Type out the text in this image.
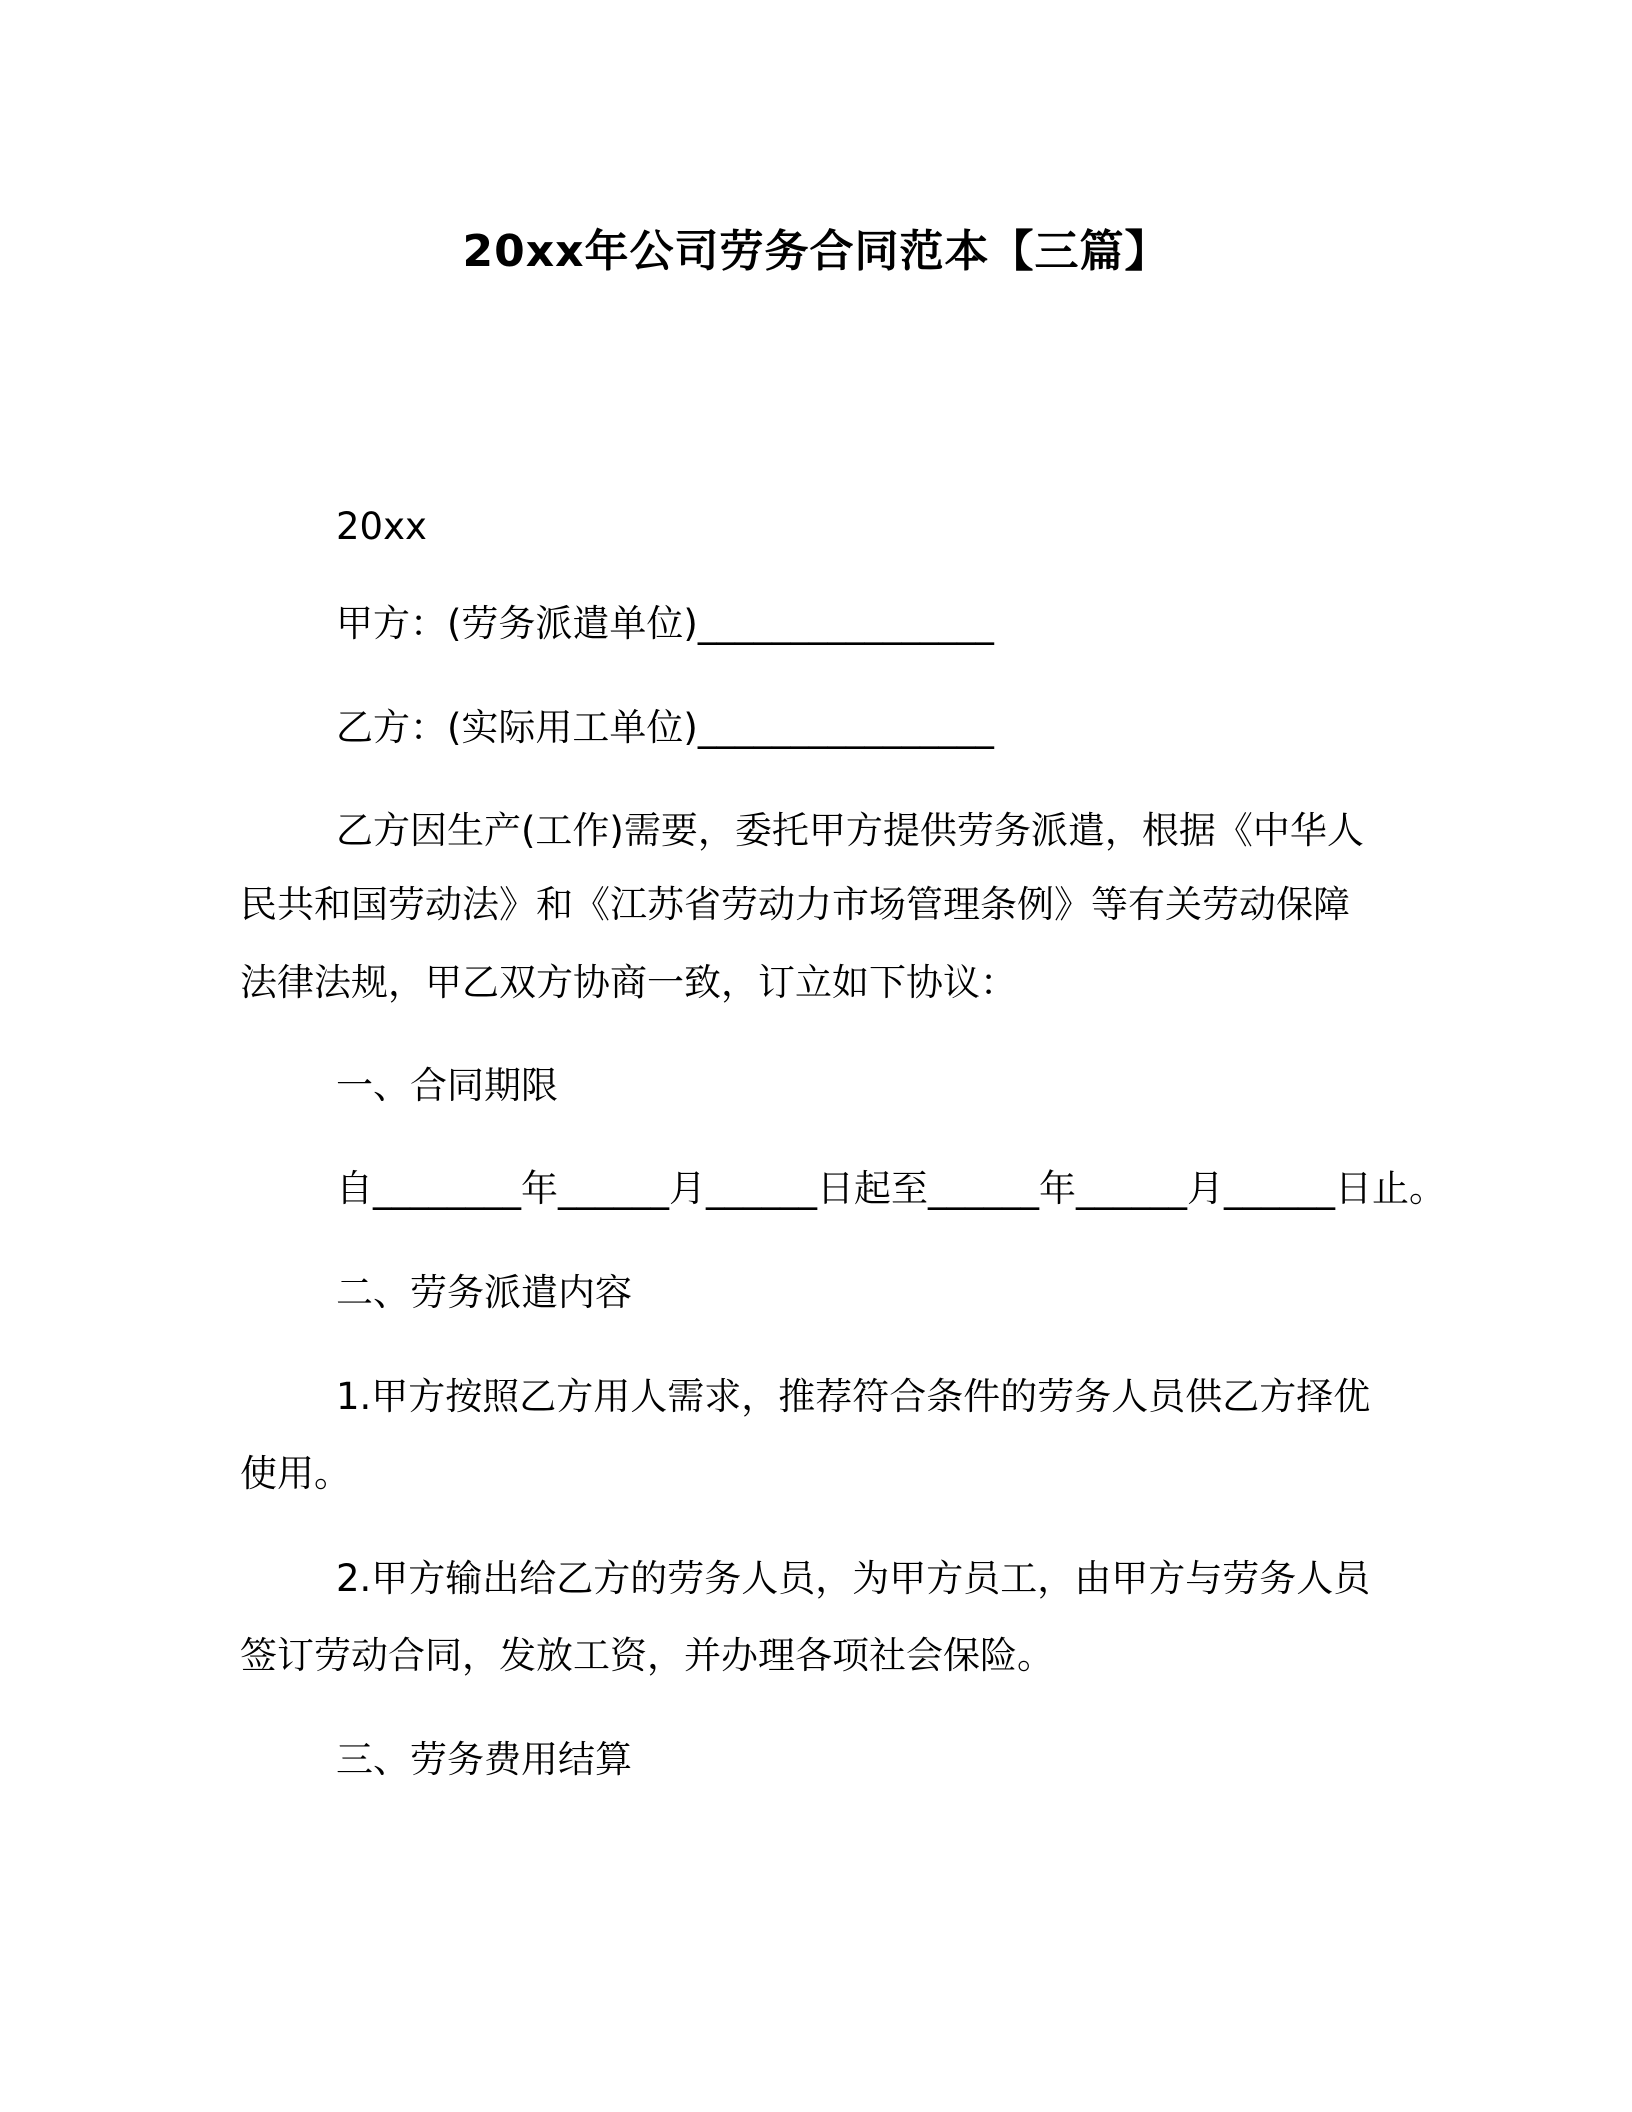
20xx年公司劳务合同范本【三篇】
20xx
甲方：(劳务派遣单位)________________
乙方：(实际用工单位)________________
乙方因生产(工作)需要，委托甲方提供劳务派遣，根据《中华人
民共和国劳动法》和《江苏省劳动力市场管理条例》等有关劳动保障
法律法规，甲乙双方协商一致，订立如下协议：
一、合同期限
自________年______月______日起至______年______月______日止。
二、劳务派遣内容
1.甲方按照乙方用人需求，推荐符合条件的劳务人员供乙方择优
使用。
2.甲方输出给乙方的劳务人员，为甲方员工，由甲方与劳务人员
签订劳动合同，发放工资，并办理各项社会保险。
三、劳务费用结算
